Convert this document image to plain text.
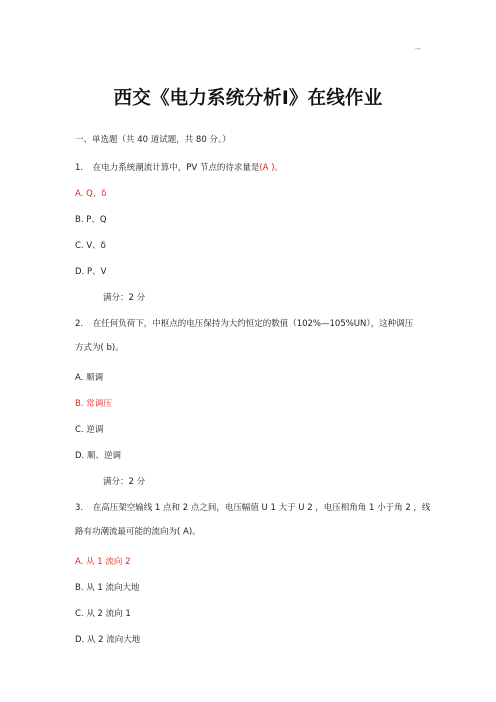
.,,
西交《电力系统分析Ⅰ》在线作业
一、单选题（共 40 道试题，共 80 分。）
1. 在电力系统潮流计算中，PV 节点的待求量是(A )。
A. Q、δ
B. P、Q
C. V、δ
D. P、V
满分：2 分
2. 在任何负荷下，中枢点的电压保持为大约恒定的数值（102%—105%UN），这种调压
方式为( b)。
A. 顺调
B. 常调压
C. 逆调
D. 顺、逆调
满分：2 分
3. 在高压架空输线 1 点和 2 点之间，电压幅值 U 1 大于 U 2 ，电压相角角 1 小于角 2 ，线
路有功潮流最可能的流向为( A)。
A. 从 1 流向 2
B. 从 1 流向大地
C. 从 2 流向 1
D. 从 2 流向大地
